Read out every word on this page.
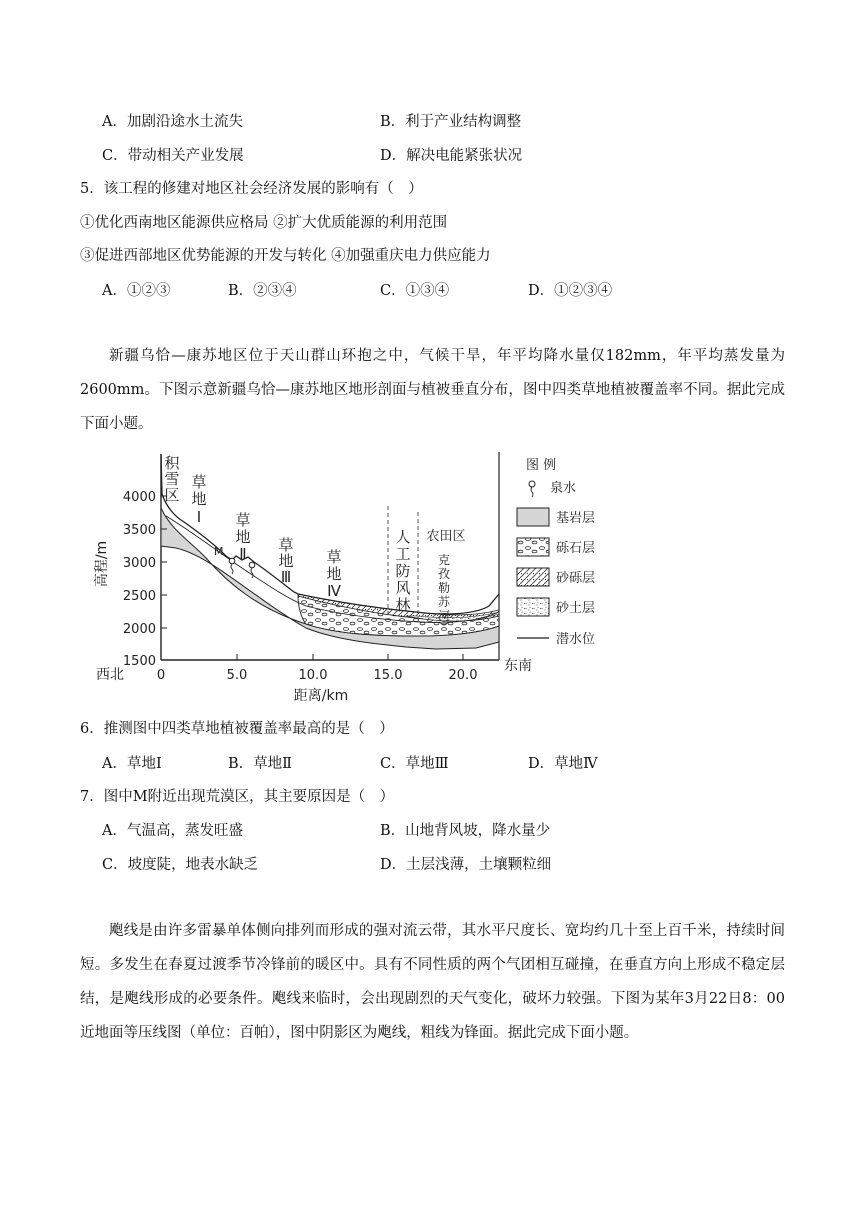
A．加剧沿途水土流失	B．利于产业结构调整
C．带动相关产业发展	D．解决电能紧张状况
5．该工程的修建对地区社会经济发展的影响有（　）
①优化西南地区能源供应格局 ②扩大优质能源的利用范围
③促进西部地区优势能源的开发与转化 ④加强重庆电力供应能力
A．①②③	B．②③④	C．①③④	D．①②③④
新疆乌恰—康苏地区位于天山群山环抱之中，气候干旱，年平均降水量仅182mm，年平均蒸发量为2600mm。下图示意新疆乌恰—康苏地区地形剖面与植被垂直分布，图中四类草地植被覆盖率不同。据此完成下面小题。
4000
3500
3000
2500
2000
1500
0	5.0	10.0	15.0	20.0
高程/m
距离/km
西北
东南
积
雪
区
草
地
Ⅰ 草
地
Ⅱ 草
地
Ⅲ
草
地
Ⅳ
人
工
防
风
林
农田区
克
孜
勒
苏
河
M
图 例
泉水
基岩层
砾石层
砂砾层
砂土层
潜水位
6．推测图中四类草地植被覆盖率最高的是（　）
A．草地Ⅰ	B．草地Ⅱ	C．草地Ⅲ	D．草地Ⅳ
7．图中M附近出现荒漠区，其主要原因是（　）
A．气温高，蒸发旺盛	B．山地背风坡，降水量少
C．坡度陡，地表水缺乏	D．土层浅薄，土壤颗粒细
飑线是由许多雷暴单体侧向排列而形成的强对流云带，其水平尺度长、宽均约几十至上百千米，持续时间短。多发生在春夏过渡季节冷锋前的暖区中。具有不同性质的两个气团相互碰撞，在垂直方向上形成不稳定层结，是飑线形成的必要条件。飑线来临时，会出现剧烈的天气变化，破坏力较强。下图为某年3月22日8：00近地面等压线图（单位：百帕），图中阴影区为飑线，粗线为锋面。据此完成下面小题。
